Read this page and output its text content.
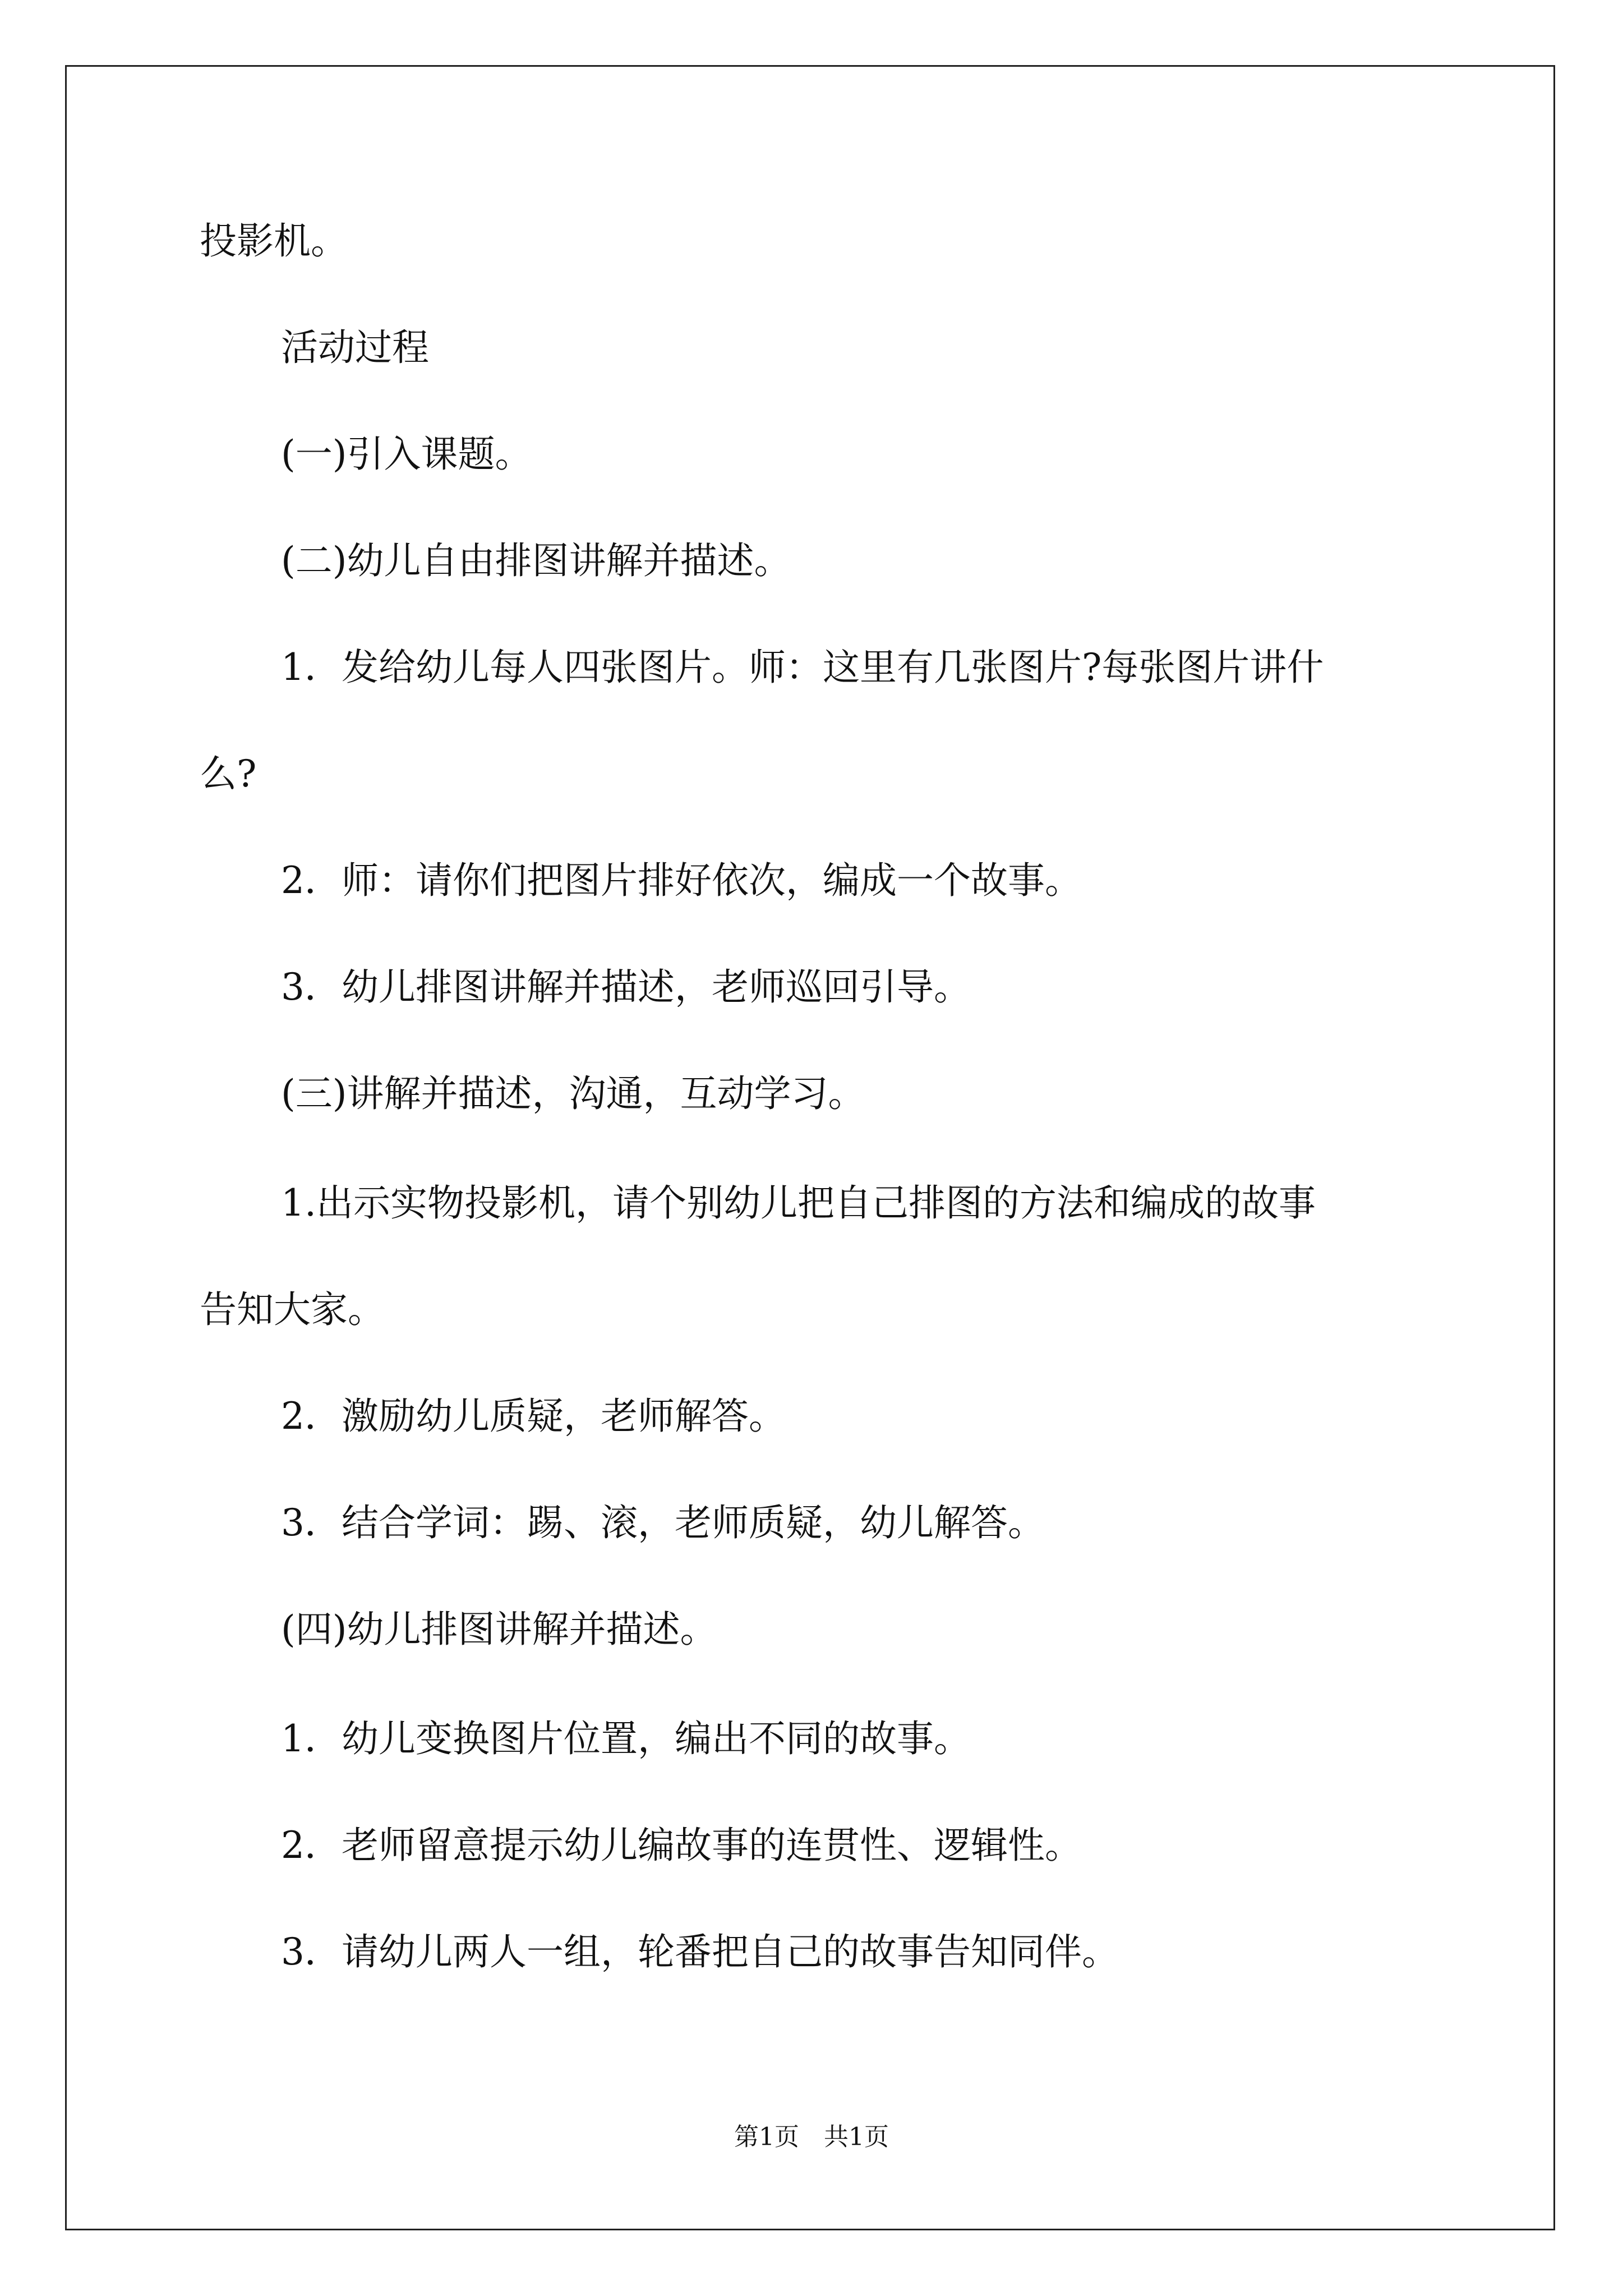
投影机。
活动过程
(一)引入课题。
(二)幼儿自由排图讲解并描述。
1．发给幼儿每人四张图片。师：这里有几张图片?每张图片讲什
么?
2．师：请你们把图片排好依次，编成一个故事。
3．幼儿排图讲解并描述，老师巡回引导。
(三)讲解并描述，沟通，互动学习。
1.出示实物投影机，请个别幼儿把自己排图的方法和编成的故事
告知大家。
2．激励幼儿质疑，老师解答。
3．结合学词：踢、滚，老师质疑，幼儿解答。
(四)幼儿排图讲解并描述。
1．幼儿变换图片位置，编出不同的故事。
2．老师留意提示幼儿编故事的连贯性、逻辑性。
3．请幼儿两人一组，轮番把自己的故事告知同伴。
第1页　共1页
